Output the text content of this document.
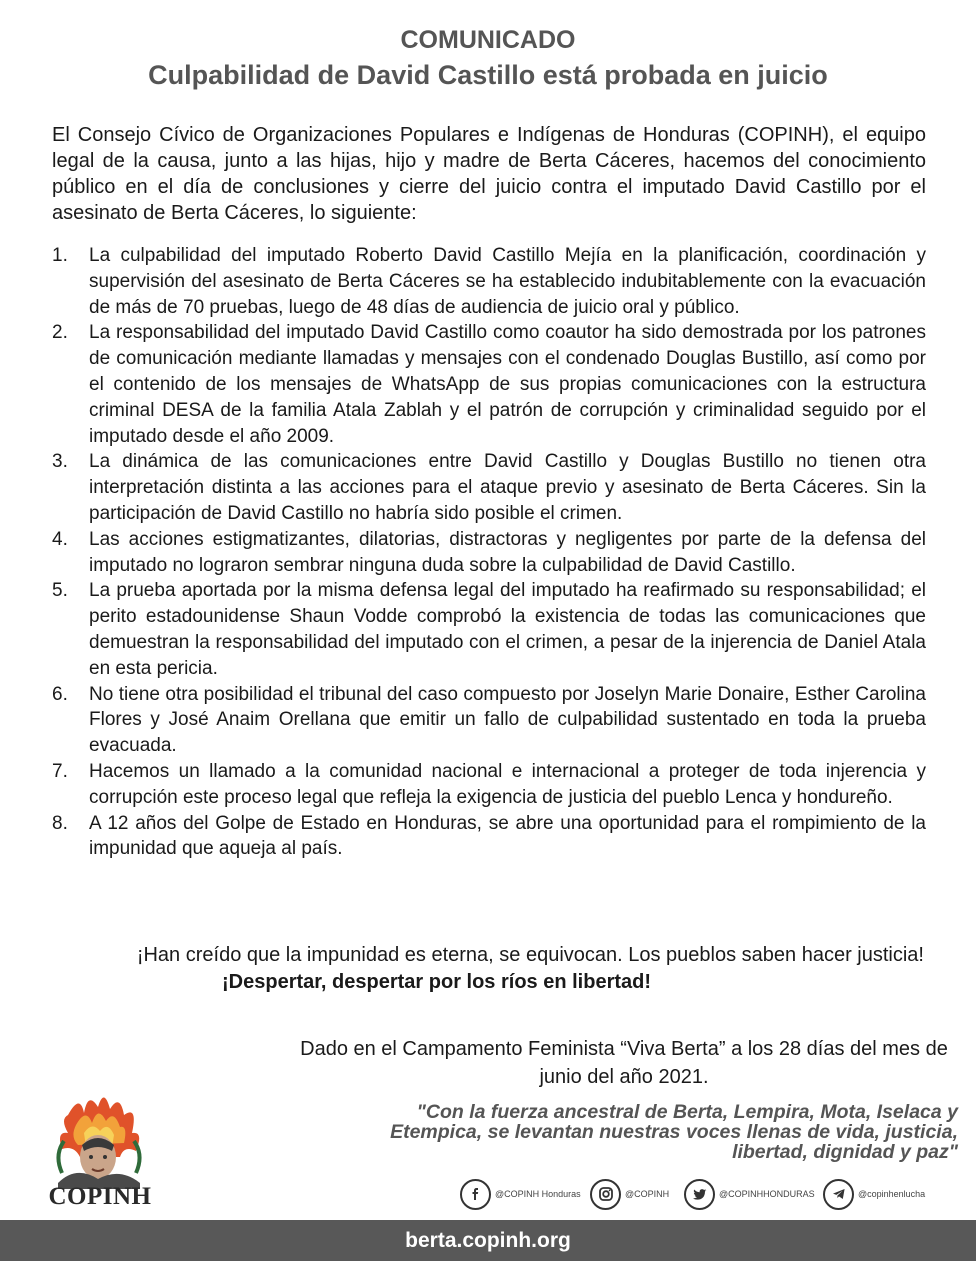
COMUNICADO
Culpabilidad de David Castillo está probada en juicio
El Consejo Cívico de Organizaciones Populares e Indígenas de Honduras (COPINH), el equipo legal de la causa, junto a las hijas, hijo y madre de Berta Cáceres, hacemos del conocimiento público en el día de conclusiones y cierre del juicio contra el imputado David Castillo por el asesinato de Berta Cáceres, lo siguiente:
1.	La culpabilidad del imputado Roberto David Castillo Mejía en la planificación, coordinación y supervisión del asesinato de Berta Cáceres se ha establecido indubitablemente con la evacuación de más de 70 pruebas, luego de 48 días de audiencia de juicio oral y público.
2.	La responsabilidad del imputado David Castillo como coautor ha sido demostrada por los patrones de comunicación mediante llamadas y mensajes con el condenado Douglas Bustillo, así como por el contenido de los mensajes de WhatsApp de sus propias comunicaciones con la estructura criminal DESA de la familia Atala Zablah y el patrón de corrupción y criminalidad seguido por el imputado desde el año 2009.
3.	La dinámica de las comunicaciones entre David Castillo y Douglas Bustillo no tienen otra interpretación distinta a las acciones para el ataque previo y asesinato de Berta Cáceres. Sin la participación de David Castillo no habría sido posible el crimen.
4.	Las acciones estigmatizantes, dilatorias, distractoras y negligentes por parte de la defensa del imputado no lograron sembrar ninguna duda sobre la culpabilidad de David Castillo.
5.	La prueba aportada por la misma defensa legal del imputado ha reafirmado su responsabilidad; el perito estadounidense Shaun Vodde comprobó la existencia de todas las comunicaciones que demuestran la responsabilidad del imputado con el crimen, a pesar de la injerencia de Daniel Atala en esta pericia.
6.	No tiene otra posibilidad el tribunal del caso compuesto por Joselyn Marie Donaire, Esther Carolina Flores y José Anaim Orellana que emitir un fallo de culpabilidad sustentado en toda la prueba evacuada.
7.	Hacemos un llamado a la comunidad nacional e internacional a proteger de toda injerencia y corrupción este proceso legal que refleja la exigencia de justicia del pueblo Lenca y hondureño.
8.	A 12 años del Golpe de Estado en Honduras, se abre una oportunidad para el rompimiento de la impunidad que aqueja al país.
¡Han creído que la impunidad es eterna, se equivocan. Los pueblos saben hacer justicia!
¡Despertar, despertar por los ríos en libertad!
Dado en el Campamento Feminista “Viva Berta” a los 28 días del mes de junio del año 2021.
"Con la fuerza ancestral de Berta, Lempira, Mota, Iselaca y Etempica, se levantan nuestras voces llenas de vida, justicia, libertad, dignidad y paz"
COPINH	@COPINH Honduras	@COPINH	@COPINHHONDURAS	@copinhenlucha
berta.copinh.org
